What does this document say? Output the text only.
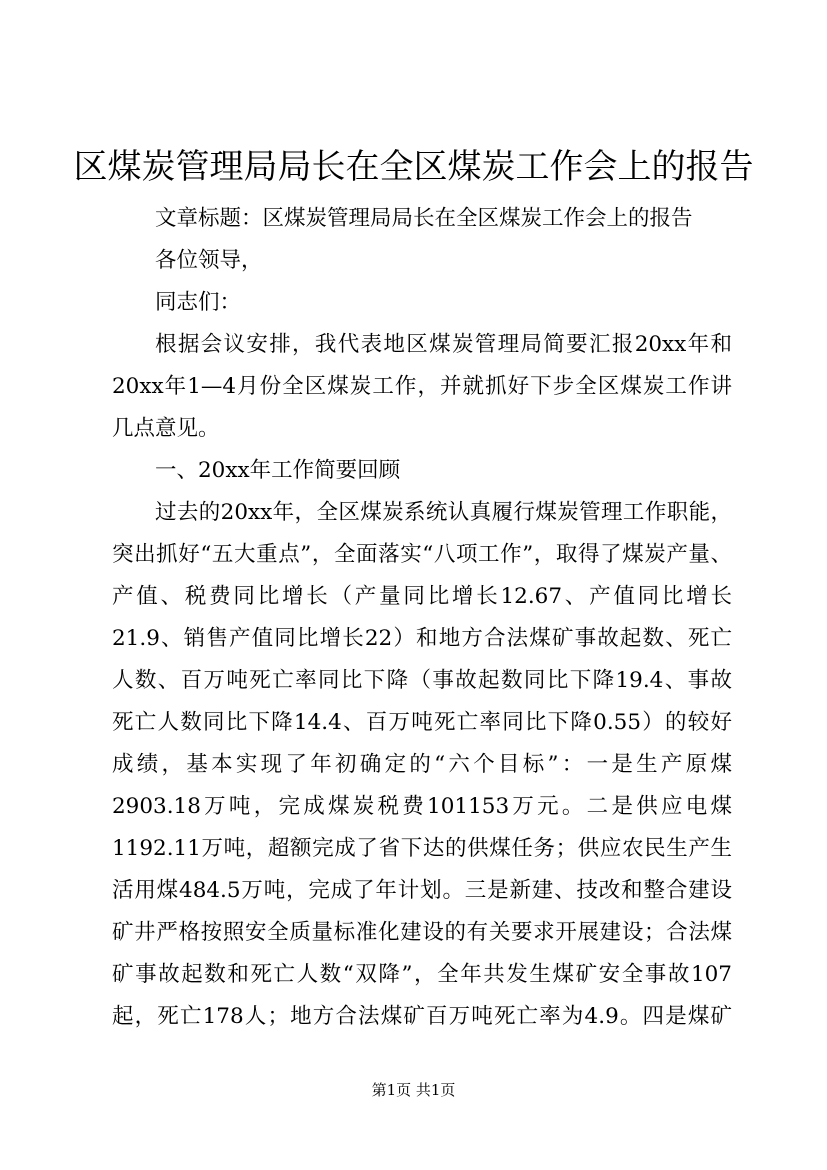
区煤炭管理局局长在全区煤炭工作会上的报告
文章标题：区煤炭管理局局长在全区煤炭工作会上的报告
各位领导，
同志们：
根据会议安排，我代表地区煤炭管理局简要汇报20xx年和
20xx年1—4月份全区煤炭工作，并就抓好下步全区煤炭工作讲
几点意见。
一、20xx年工作简要回顾
过去的20xx年，全区煤炭系统认真履行煤炭管理工作职能，
突出抓好“五大重点”，全面落实“八项工作”，取得了煤炭产量、
产值、税费同比增长（产量同比增长12.67、产值同比增长
21.9、销售产值同比增长22）和地方合法煤矿事故起数、死亡
人数、百万吨死亡率同比下降（事故起数同比下降19.4、事故
死亡人数同比下降14.4、百万吨死亡率同比下降0.55）的较好
成绩，基本实现了年初确定的“六个目标”：一是生产原煤
2903.18万吨，完成煤炭税费101153万元。二是供应电煤
1192.11万吨，超额完成了省下达的供煤任务；供应农民生产生
活用煤484.5万吨，完成了年计划。三是新建、技改和整合建设
矿井严格按照安全质量标准化建设的有关要求开展建设；合法煤
矿事故起数和死亡人数“双降”，全年共发生煤矿安全事故107
起，死亡178人；地方合法煤矿百万吨死亡率为4.9。四是煤矿
第1页 共1页
